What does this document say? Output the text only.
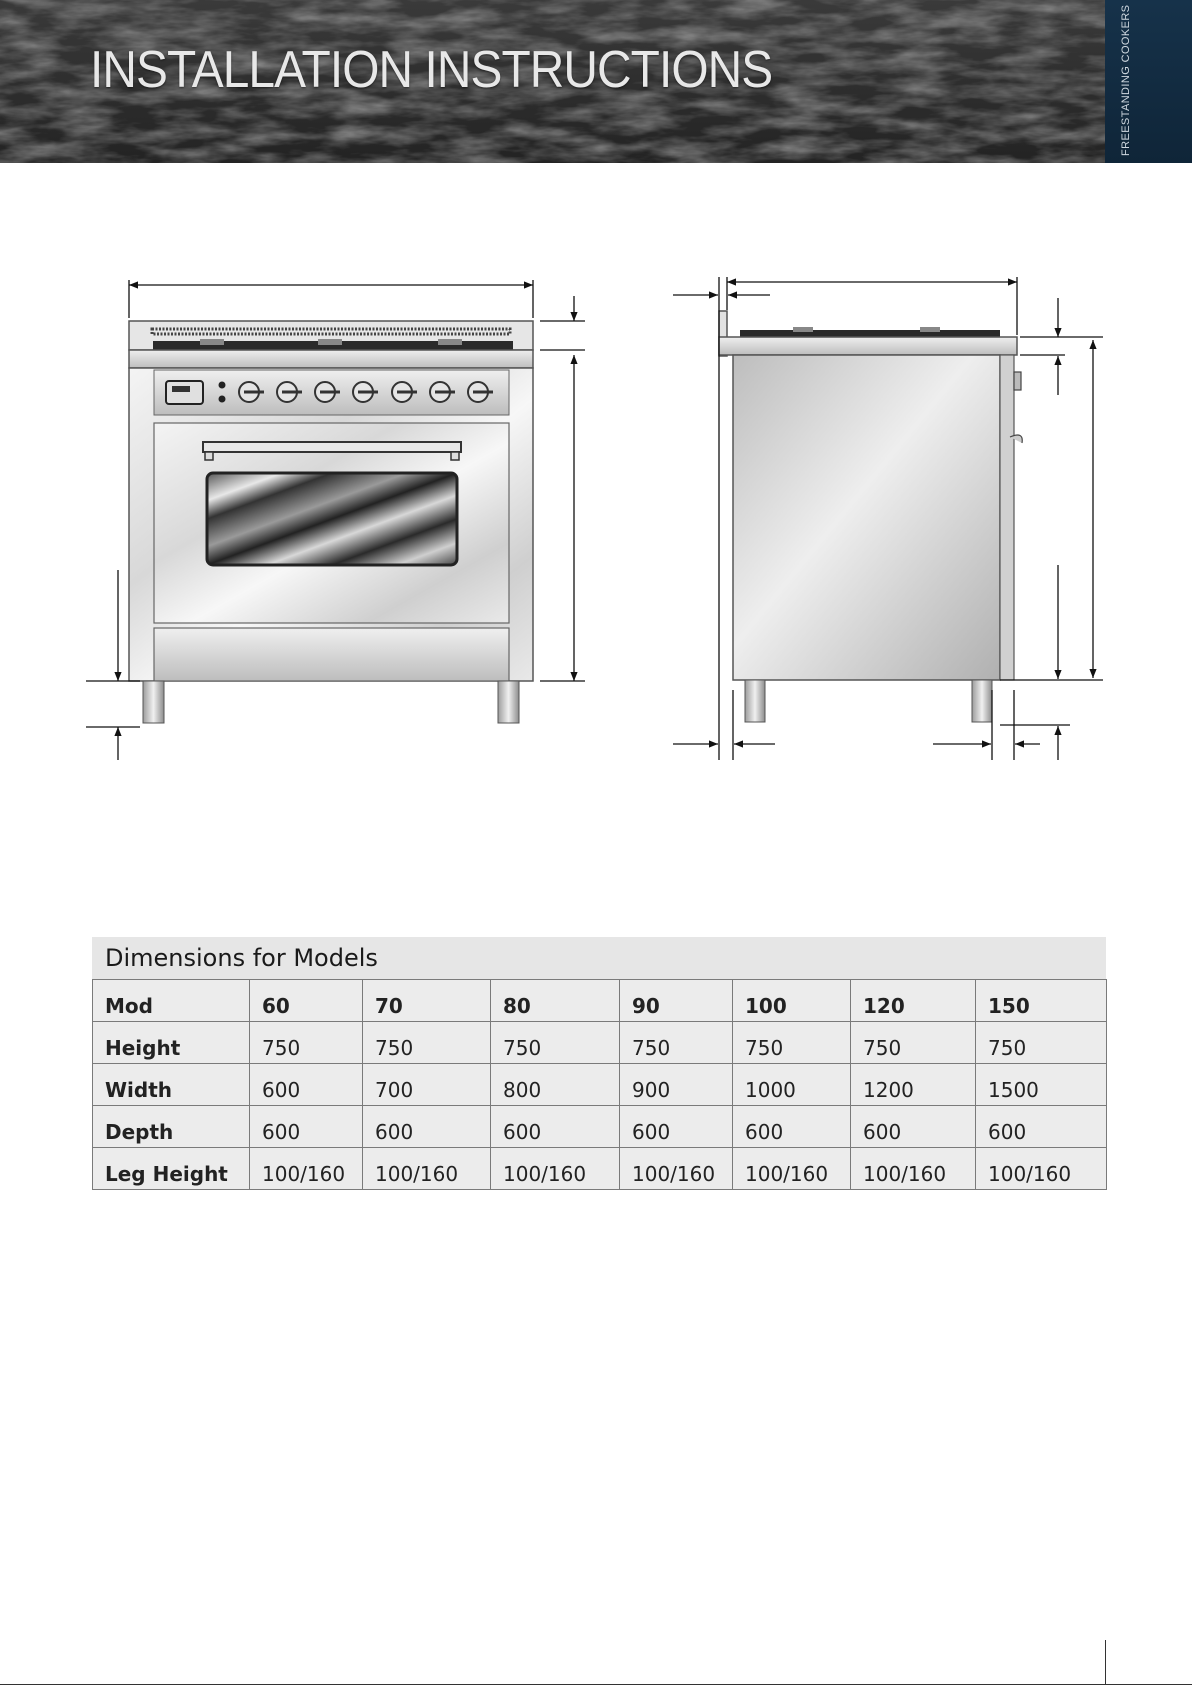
INSTALLATION INSTRUCTIONS	FREESTANDING COOKERS
Dimensions for Models
Mod	60	70	80	90	100	120	150
Height	750	750	750	750	750	750	750
Width	600	700	800	900	1000	1200	1500
Depth	600	600	600	600	600	600	600
Leg Height	100/160	100/160	100/160	100/160	100/160	100/160	100/160
